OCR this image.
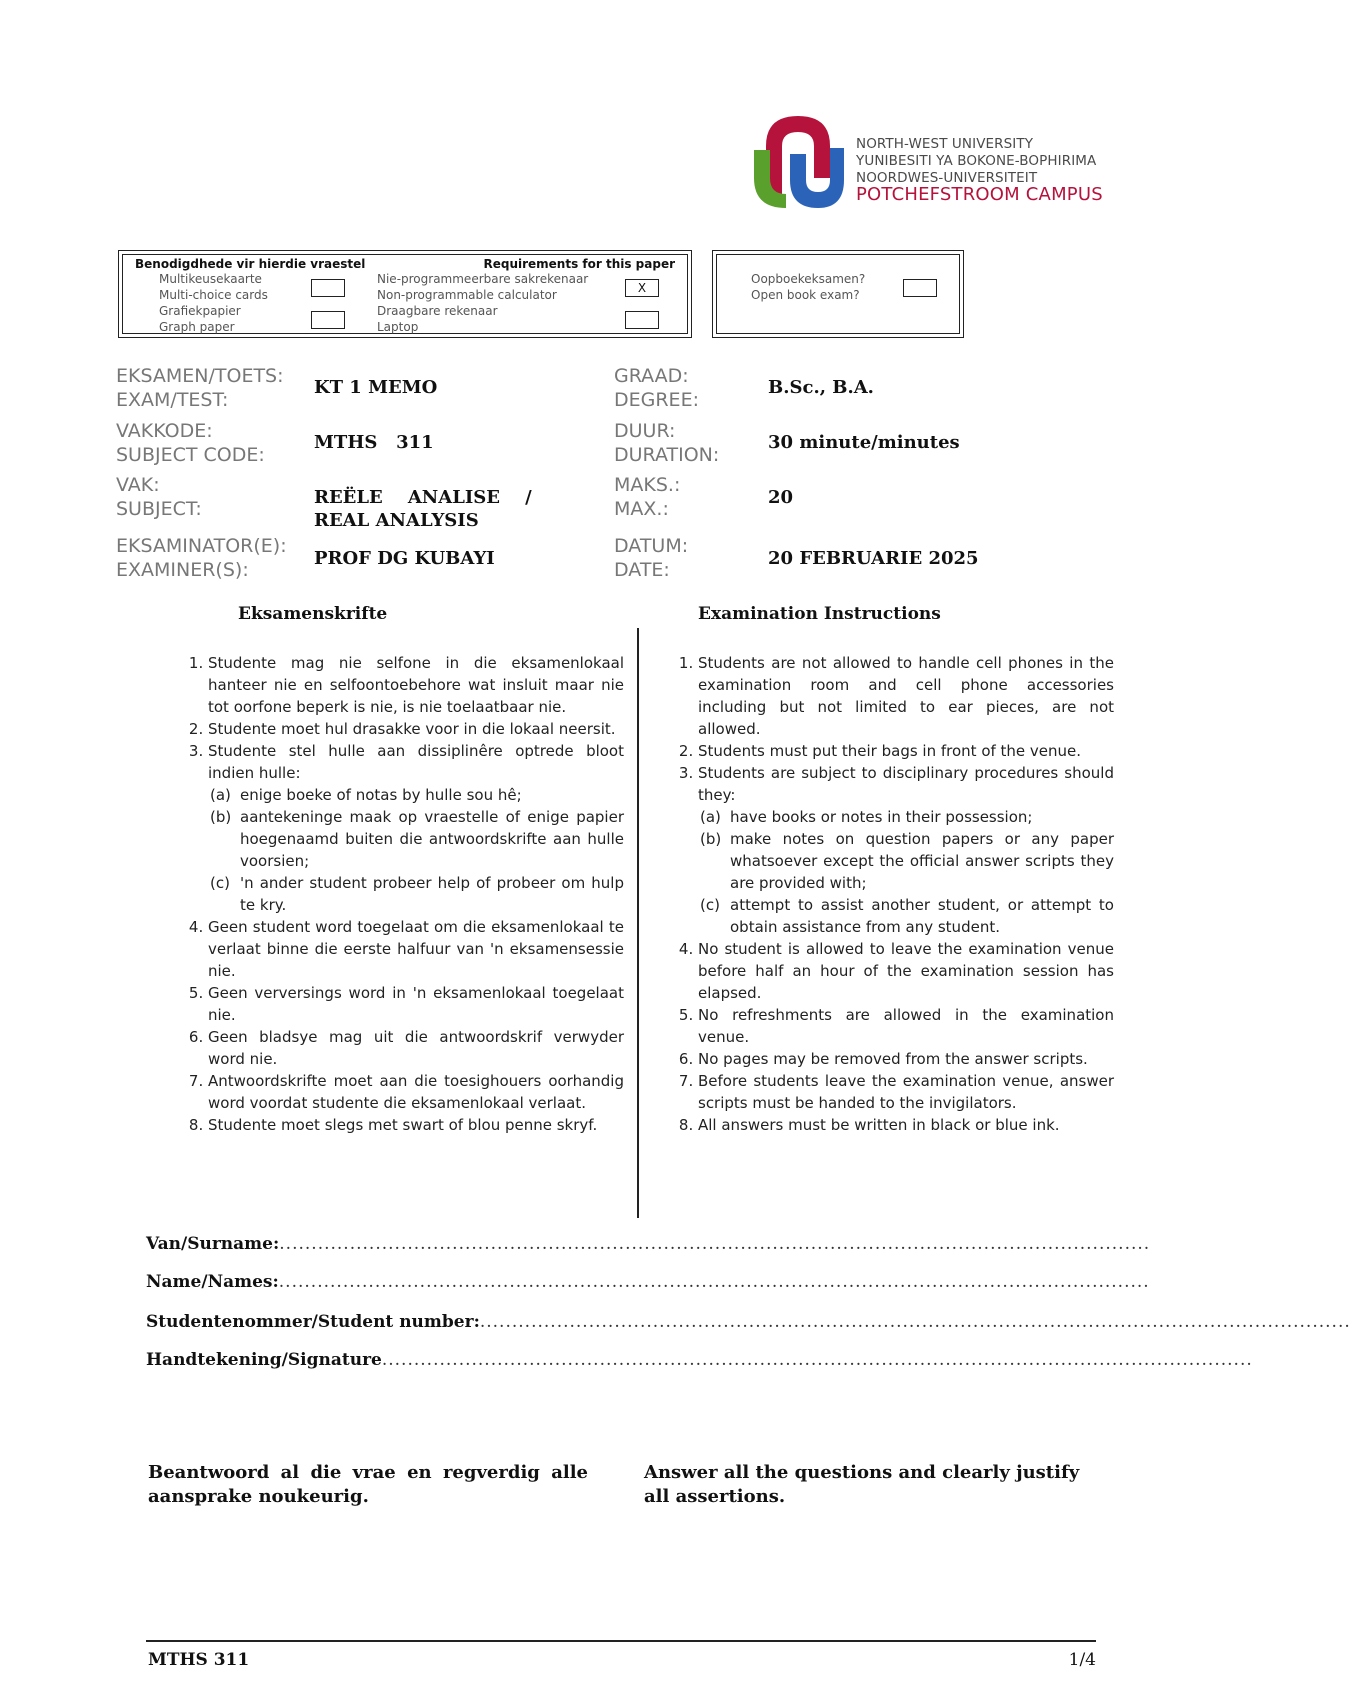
NORTH-WEST UNIVERSITY
YUNIBESITI YA BOKONE-BOPHIRIMA
NOORDWES-UNIVERSITEIT
POTCHEFSTROOM CAMPUS
Benodigdhede vir hierdie vraestel	Requirements for this paper
Multikeusekaarte
Multi-choice cards
Grafiekpapier
Graph paper
Nie-programmeerbare sakrekenaar
Non-programmable calculator	X
Draagbare rekenaar
Laptop
Oopboekeksamen?
Open book exam?
EKSAMEN/TOETS:
EXAM/TEST:
KT 1 MEMO
GRAAD:
DEGREE:
B.Sc., B.A.
VAKKODE:
SUBJECT CODE:
MTHS   311
DUUR:
DURATION:
30 minute/minutes
VAK:
SUBJECT:
REËLE    ANALISE    /
REAL ANALYSIS
MAKS.:
MAX.:
20
EKSAMINATOR(E):
EXAMINER(S):
PROF DG KUBAYI
DATUM:
DATE:
20 FEBRUARIE 2025
Eksamenskrifte	Examination Instructions
1. Studente mag nie selfone in die eksamenlokaal hanteer nie en selfoontoebehore wat insluit maar nie tot oorfone beperk is nie, is nie toelaatbaar nie.
2. Studente moet hul drasakke voor in die lokaal neersit.
3. Studente stel hulle aan dissiplinêre optrede bloot indien hulle:
(a) enige boeke of notas by hulle sou hê;
(b) aantekeninge maak op vraestelle of enige papier hoegenaamd buiten die antwoordskrifte aan hulle voorsien;
(c) 'n ander student probeer help of probeer om hulp te kry.
4. Geen student word toegelaat om die eksamenlokaal te verlaat binne die eerste halfuur van 'n eksamensessie nie.
5. Geen verversings word in 'n eksamenlokaal toegelaat nie.
6. Geen bladsye mag uit die antwoordskrif verwyder word nie.
7. Antwoordskrifte moet aan die toesighouers oorhandig word voordat studente die eksamenlokaal verlaat.
8. Studente moet slegs met swart of blou penne skryf.
1. Students are not allowed to handle cell phones in the examination room and cell phone accessories including but not limited to ear pieces, are not allowed.
2. Students must put their bags in front of the venue.
3. Students are subject to disciplinary procedures should they:
(a) have books or notes in their possession;
(b) make notes on question papers or any paper whatsoever except the official answer scripts they are provided with;
(c) attempt to assist another student, or attempt to obtain assistance from any student.
4. No student is allowed to leave the examination venue before half an hour of the examination session has elapsed.
5. No refreshments are allowed in the examination venue.
6. No pages may be removed from the answer scripts.
7. Before students leave the examination venue, answer scripts must be handed to the invigilators.
8. All answers must be written in black or blue ink.
Van/Surname:........................................................................................................................................
Name/Names:........................................................................................................................................
Studentenommer/Student number:........................................................................................................................................
Handtekening/Signature........................................................................................................................................
Beantwoord al die vrae en regverdig alle aansprake noukeurig.
Answer all the questions and clearly justify all assertions.
MTHS 311	1/4
